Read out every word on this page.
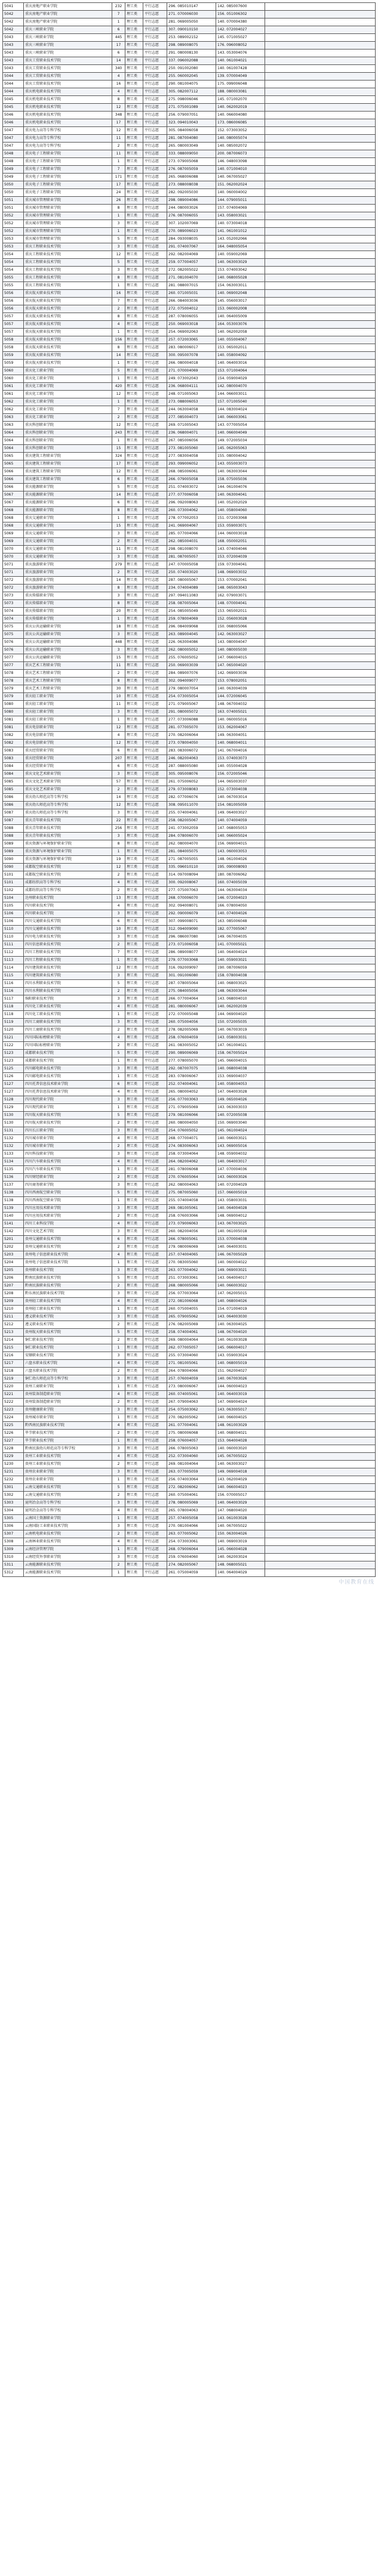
5041	重庆房地产职业学院	232	理工类	平行志愿	296. 085010147	142. 085007600	
5042	重庆房地产职业学院	7	理工类	平行志愿	271. 070006030	156. 051006302	
5042	重庆房地产职业学院	1	理工类	平行志愿	281. 069005050	140. 070004380	
5042	重庆三峡职业学院	6	理工类	平行志愿	307. 090010150	142. 072004027	
5043	重庆三峡职业学院	445	理工类	平行志愿	253. 089002152	145. 071005027	
5043	重庆三峡职业学院	17	理工类	平行志愿	298. 089008075	176. 096008052	
5043	重庆三峡职业学院	6	理工类	平行志愿	291. 080008130	143. 053004076	
5043	重庆工贸职业技术学院	14	理工类	平行志愿	337. 096002088	140. 061004021	
5043	重庆工贸职业技术学院	340	理工类	平行志愿	250. 091002080	140. 061007428	
5044	重庆工贸职业技术学院	4	理工类	平行志愿	255. 060002045	139. 070004049	
5044	重庆工贸职业技术学院	16	理工类	平行志愿	290. 081004075	175. 099006048	
5044	重庆机电职业技术学院	4	理工类	平行志愿	305. 082007112	188. 080003081	
5045	重庆机电职业技术学院	8	理工类	平行志愿	275. 098006046	145. 071002070	
5045	重庆机电职业技术学院	12	理工类	平行志愿	271. 075001089	140. 062002019	
5046	重庆机电职业技术学院	348	理工类	平行志愿	256. 079007051	140. 066004080	
5046	重庆机电职业技术学院	17	理工类	平行志愿	323. 094010043	173. 086006085	
5047	重庆电力高等专科学校	12	理工类	平行志愿	305. 084006058	152. 073003052	
5047	重庆电力高等专科学校	11	理工类	平行志愿	281. 087004080	140. 080005074	
5047	重庆电力高等专科学校	2	理工类	平行志愿	265. 080003049	140. 085002072	
5048	重庆电子工程职业学院	11	理工类	平行志愿	333. 088009050	200. 087006073	
5048	重庆电子工程职业学院	1	理工类	平行志愿	273. 079005068	146. 048003098	
5049	重庆电子工程职业学院	7	理工类	平行志愿	276. 087005059	140. 071004010	
5049	重庆电子工程职业学院	171	理工类	平行志愿	265. 068006088	140. 067005027	
5050	重庆电子工程职业学院	17	理工类	平行志愿	273. 088008038	151. 062002024	
5050	重庆电子工程职业学院	24	理工类	平行志愿	282. 092005030	140. 060004002	
5051	重庆城市管理职业学院	26	理工类	平行志愿	298. 089004086	144. 079005011	
5051	重庆城市管理职业学院	8	理工类	平行志愿	244. 080003026	157. 074004069	
5052	重庆城市管理职业学院	1	理工类	平行志愿	276. 087006055	143. 058003021	
5052	重庆城市管理职业学院	3	理工类	平行志愿	307. 102007069	140. 073004018	
5052	重庆城市管理职业学院	1	理工类	平行志愿	270. 089006023	141. 061001012	
5053	重庆城市管理职业学院	5	理工类	平行志愿	284. 093008035	143. 052002066	
5053	重庆工程职业技术学院	3	理工类	平行志愿	291. 074007067	164. 048005054	
5054	重庆工程职业技术学院	12	理工类	平行志愿	292. 082004069	140. 059002069	
5054	重庆工程职业技术学院	5	理工类	平行志愿	259. 077004057	140. 063003029	
5054	重庆工程职业技术学院	3	理工类	平行志愿	272. 082005022	153. 074003042	
5055	重庆工程职业技术学院	8	理工类	平行志愿	271. 081004070	140. 068005028	
5055	重庆工程职业技术学院	1	理工类	平行志愿	281. 088007015	154. 063003011	
5056	重庆航天职业技术学院	16	理工类	平行志愿	260. 071005031	140. 069002048	
5056	重庆航天职业技术学院	7	理工类	平行志愿	266. 084003036	145. 056003017	
5056	重庆航天职业技术学院	2	理工类	平行志愿	272. 075004012	153. 060002008	
5057	重庆航天职业技术学院	8	理工类	平行志愿	287. 078006055	140. 064005009	
5057	重庆航天职业技术学院	4	理工类	平行志愿	250. 069003018	164. 053003076	
5057	重庆航天职业技术学院	1	理工类	平行志愿	254. 069002063	140. 062002058	
5058	重庆航天职业技术学院	156	理工类	平行志愿	257. 072003065	140. 055004067	
5058	重庆航天职业技术学院	8	理工类	平行志愿	283. 080006017	153. 065002011	
5059	重庆航天职业技术学院	14	理工类	平行志愿	300. 095007078	140. 058004092	
5059	重庆航天职业技术学院	1	理工类	平行志愿	266. 080004018	140. 064003016	
5060	重庆化工职业学院	5	理工类	平行志愿	271. 070004069	153. 071004064	
5060	重庆化工职业学院	1	理工类	平行志愿	249. 073002043	154. 059004029	
5061	重庆化工职业学院	420	理工类	平行志愿	236. 068004111	142. 080004070	
5061	重庆化工职业学院	12	理工类	平行志愿	248. 071005063	144. 066003011	
5062	重庆化工职业学院	1	理工类	平行志愿	273. 088006053	157. 071005040	
5062	重庆化工职业学院	7	理工类	平行志愿	244. 063004058	144. 083004024	
5063	重庆化工职业学院	2	理工类	平行志愿	277. 085004073	140. 066003061	
5063	重庆科创职业学院	12	理工类	平行志愿	269. 071005043	143. 077005054	
5064	重庆科创职业学院	243	理工类	平行志愿	236. 068004071	140. 066004049	
5064	重庆科创职业学院	1	理工类	平行志愿	267. 085006056	149. 072005034	
5064	重庆科创职业学院	15	理工类	平行志愿	273. 081005060	145. 062005063	
5065	重庆建筑工程职业学院	324	理工类	平行志愿	277. 083004058	155. 080004042	
5065	重庆建筑工程职业学院	17	理工类	平行志愿	293. 099006052	143. 055003073	
5066	重庆建筑工程职业学院	12	理工类	平行志愿	268. 085006061	140. 063003044	
5066	重庆建筑工程职业学院	6	理工类	平行志愿	266. 079005058	158. 075005036	
5066	重庆能源职业学院	5	理工类	平行志愿	251. 074003072	144. 061004076	
5067	重庆能源职业学院	14	理工类	平行志愿	277. 077006058	140. 063004041	
5067	重庆能源职业学院	6	理工类	平行志愿	296. 092008063	140. 052002029	
5068	重庆能源职业学院	8	理工类	平行志愿	260. 073004062	140. 058004060	
5068	重庆交通职业学院	1	理工类	平行志愿	278. 077002053	151. 072003068	
5068	重庆交通职业学院	15	理工类	平行志愿	241. 069004067	153. 059003071	
5069	重庆交通职业学院	3	理工类	平行志愿	285. 077004066	144. 060003018	
5069	重庆交通职业学院	2	理工类	平行志愿	262. 085004031	168. 050002051	
5070	重庆交通职业学院	11	理工类	平行志愿	298. 081008070	143. 074004046	
5070	重庆交通职业学院	3	理工类	平行志愿	281. 087005057	153. 072004039	
5071	重庆旅游职业学院	279	理工类	平行志愿	247. 070005058	159. 073004041	
5071	重庆旅游职业学院	2	理工类	平行志愿	250. 074003020	148. 069003032	
5072	重庆旅游职业学院	14	理工类	平行志愿	287. 080005067	153. 070002041	
5072	重庆旅游职业学院	8	理工类	平行志愿	234. 074004089	148. 065003043	
5073	重庆传媒职业学院	3	理工类	平行志愿	297. 094011083	162. 079003071	
5073	重庆传媒职业学院	8	理工类	平行志愿	258. 087005064	148. 070004041	
5074	重庆传媒职业学院	20	理工类	平行志愿	254. 085005049	153. 065002011	
5074	重庆传媒职业学院	1	理工类	平行志愿	259. 078004069	152. 056003028	
5075	重庆公共运输职业学院	18	理工类	平行志愿	296. 084009068	150. 068005066	
5075	重庆公共运输职业学院	3	理工类	平行志愿	263. 089004045	142. 063003027	
5076	重庆公共运输职业学院	448	理工类	平行志愿	226. 063004086	143. 080004047	
5076	重庆公共运输职业学院	3	理工类	平行志愿	262. 080005052	140. 080005030	
5077	重庆公共运输职业学院	15	理工类	平行志愿	255. 076005052	147. 066004015	
5077	重庆艺术工程职业学院	11	理工类	平行志愿	250. 069003039	147. 065004020	
5078	重庆艺术工程职业学院	2	理工类	平行志愿	284. 089007076	142. 069003036	
5078	重庆艺术工程职业学院	8	理工类	平行志愿	302. 094009077	153. 078002051	
5079	重庆艺术工程职业学院	30	理工类	平行志愿	279. 080007054	140. 063004039	
5079	重庆轻工职业学院	10	理工类	平行志愿	254. 073005054	144. 072006045	
5080	重庆轻工职业学院	11	理工类	平行志愿	271. 079005067	148. 067004032	
5080	重庆轻工职业学院	3	理工类	平行志愿	291. 080005072	163. 074005021	
5081	重庆轻工职业学院	1	理工类	平行志愿	277. 073006088	140. 060005016	
5081	重庆电信职业学院	12	理工类	平行志愿	281. 077005070	153. 062004067	
5082	重庆电信职业学院	4	理工类	平行志愿	270. 082006064	149. 063004051	
5082	重庆电信职业学院	12	理工类	平行志愿	273. 078004050	140. 068004011	
5083	重庆经贸职业学院	6	理工类	平行志愿	283. 083006072	141. 067004016	
5083	重庆经贸职业学院	207	理工类	平行志愿	246. 082004063	153. 074003073	
5084	重庆经贸职业学院	6	理工类	平行志愿	287. 088005080	140. 055004028	
5084	重庆文化艺术职业学院	3	理工类	平行志愿	305. 095008076	156. 072005046	
5085	重庆文化艺术职业学院	57	理工类	平行志愿	261. 075006052	144. 065003037	
5085	重庆文化艺术职业学院	2	理工类	平行志愿	279. 073008083	152. 073004038	
5086	重庆幼儿师范高等专科学校	14	理工类	平行志愿	282. 077006076	140. 067003014	
5086	重庆幼儿师范高等专科学校	12	理工类	平行志愿	308. 095011070	154. 081005059	
5087	重庆幼儿师范高等专科学校	3	理工类	平行志愿	255. 074004061	149. 064003027	
5087	重庆青年职业技术学院	22	理工类	平行志愿	258. 082005067	140. 074004059	
5088	重庆青年职业技术学院	256	理工类	平行志愿	241. 073002059	147. 068005053	
5088	重庆青年职业技术学院	3	理工类	平行志愿	284. 078006070	140. 066005024	
5089	重庆资源与环境保护职业学院	8	理工类	平行志愿	262. 080004070	156. 069004015	
5089	重庆资源与环境保护职业学院	1	理工类	平行志愿	281. 084005075	143. 060003053	
5090	重庆资源与环境保护职业学院	19	理工类	平行志愿	271. 087005055	148. 061004026	
5090	成都航空职业技术学院	12	理工类	平行志愿	335. 096010110	195. 090008093	
5101	成都航空职业技术学院	2	理工类	平行志愿	314. 097008094	180. 087006062	
5101	成都纺织高等专科学校	4	理工类	平行志愿	300. 092008067	160. 074005039	
5102	成都纺织高等专科学校	2	理工类	平行志愿	277. 075007063	144. 063004034	
5104	达州职业技术学院	13	理工类	平行志愿	268. 070006070	146. 072004023	
5105	四川职业技术学院	4	理工类	平行志愿	302. 094008071	166. 078004050	
5106	四川职业技术学院	3	理工类	平行志愿	292. 090006079	140. 074004026	
5106	四川交通职业技术学院	6	理工类	平行志愿	307. 099008071	163. 085006048	
5110	四川交通职业技术学院	10	理工类	平行志愿	312. 094009090	182. 077005067	
5110	四川电力职业技术学院	3	理工类	平行志愿	296. 086007080	149. 067004035	
5111	四川信息职业技术学院	2	理工类	平行志愿	273. 071006058	141. 070005021	
5112	四川工程职业技术学院	7	理工类	平行志愿	286. 089008077	140. 064004024	
5113	四川工程职业技术学院	1	理工类	平行志愿	279. 077003068	140. 059003021	
5114	四川建筑职业技术学院	12	理工类	平行志愿	316. 092009097	190. 087006059	
5115	四川建筑职业技术学院	3	理工类	平行志愿	301. 091006080	158. 078004038	
5116	四川水利职业技术学院	5	理工类	平行志愿	287. 078005064	140. 068003025	
5116	四川水利职业技术学院	2	理工类	平行志愿	275. 084005056	148. 063003044	
5117	绵阳职业技术学院	3	理工类	平行志愿	266. 077004064	143. 068004010	
5118	四川化工职业技术学院	4	理工类	平行志愿	281. 080006067	140. 062002039	
5118	四川化工职业技术学院	1	理工类	平行志愿	272. 070005048	144. 069004020	
5119	四川工商职业技术学院	3	理工类	平行志愿	260. 075004056	150. 072005035	
5120	四川工商职业技术学院	2	理工类	平行志愿	278. 082005069	140. 067003019	
5121	四川国际标榜职业学院	4	理工类	平行志愿	258. 076004059	143. 058003031	
5122	四川国际标榜职业学院	2	理工类	平行志愿	261. 083005052	147. 061004021	
5123	成都职业技术学院	5	理工类	平行志愿	290. 089006069	158. 067005024	
5123	成都职业技术学院	1	理工类	平行志愿	277. 078005070	145. 066004015	
5125	四川邮电职业技术学院	3	理工类	平行志愿	292. 087007075	140. 068004038	
5126	四川邮电职业技术学院	1	理工类	平行志愿	283. 078006067	153. 069004037	
5127	四川托普信息技术职业学院	6	理工类	平行志愿	252. 074004061	140. 058004053	
5127	四川托普信息技术职业学院	4	理工类	平行志愿	265. 080004052	147. 064003028	
5128	四川现代职业学院	3	理工类	平行志愿	256. 077003063	149. 065004026	
5129	四川现代职业学院	1	理工类	平行志愿	271. 079005069	143. 063003033	
5130	四川航天职业技术学院	5	理工类	平行志愿	279. 081006066	140. 072005038	
5130	四川航天职业技术学院	2	理工类	平行志愿	260. 080004050	150. 069003040	
5131	四川长江职业学院	3	理工类	平行志愿	254. 076005052	145. 061004024	
5132	四川城市职业学院	4	理工类	平行志愿	268. 077004071	140. 066003021	
5132	四川城市职业学院	2	理工类	平行志愿	274. 083006063	143. 069005016	
5133	四川科技职业学院	3	理工类	平行志愿	258. 073004064	148. 059004032	
5134	四川汽车职业技术学院	4	理工类	平行志愿	264. 082004062	140. 064003017	
5135	四川汽车职业技术学院	1	理工类	平行志愿	281. 078006068	147. 070004036	
5136	四川财经职业学院	2	理工类	平行志愿	270. 076005064	143. 060003026	
5137	四川商务职业学院	3	理工类	平行志愿	262. 080004063	140. 072004029	
5138	四川西南航空职业学院	5	理工类	平行志愿	275. 087005060	157. 066005019	
5138	四川西南航空职业学院	1	理工类	平行志愿	255. 074004058	143. 058003031	
5139	四川应用技术职业学院	3	理工类	平行志愿	269. 081005061	140. 064004028	
5140	四川应用技术职业学院	2	理工类	平行志愿	258. 076003066	148. 069004012	
5141	四川工业科技学院	4	理工类	平行志愿	273. 079006063	143. 067003025	
5142	四川文化艺术学院	3	理工类	平行志愿	260. 082004056	140. 061005018	
5201	贵州交通职业技术学院	6	理工类	平行志愿	266. 078005061	153. 070004038	
5202	贵州交通职业技术学院	2	理工类	平行志愿	279. 080006069	140. 064003031	
5203	贵州电子信息职业技术学院	4	理工类	平行志愿	257. 074004065	146. 067005029	
5204	贵州电子信息职业技术学院	1	理工类	平行志愿	270. 083005060	140. 060004022	
5205	贵州职业技术学院	3	理工类	平行志愿	263. 077004062	149. 069003021	
5206	黔南民族职业技术学院	5	理工类	平行志愿	251. 073003061	143. 064004017	
5207	黔南民族职业技术学院	2	理工类	平行志愿	268. 080005066	140. 066003022	
5208	黔东南民族职业技术学院	3	理工类	平行志愿	256. 077003064	147. 062005015	
5209	贵州轻工职业技术学院	4	理工类	平行志愿	272. 081006068	140. 068004026	
5210	贵州轻工职业技术学院	1	理工类	平行志愿	260. 075004055	154. 071004019	
5211	遵义职业技术学院	3	理工类	平行志愿	265. 079005062	143. 064003030	
5212	遵义职业技术学院	2	理工类	平行志愿	276. 082005069	140. 063004025	
5213	贵州航天职业技术学院	5	理工类	平行志愿	258. 074004061	148. 067004020	
5214	铜仁职业技术学院	2	理工类	平行志愿	269. 080004064	140. 061003028	
5215	铜仁职业技术学院	1	理工类	平行志愿	262. 077005057	145. 066004017	
5216	安顺职业技术学院	3	理工类	平行志愿	255. 073004060	143. 059003024	
5217	六盘水职业技术学院	4	理工类	平行志愿	271. 081005061	140. 068005019	
5218	六盘水职业技术学院	2	理工类	平行志愿	264. 078004066	151. 062004027	
5219	铜仁幼儿师范高等专科学校	3	理工类	平行志愿	257. 076004059	140. 067003026	
5220	贵州工商职业学院	1	理工类	平行志愿	273. 080006067	144. 060004023	
5221	贵州装备制造职业学院	4	理工类	平行志愿	260. 074005061	140. 064003019	
5222	贵州装备制造职业学院	2	理工类	平行志愿	267. 079004063	147. 069004024	
5223	贵州健康职业学院	3	理工类	平行志愿	254. 075003062	143. 063005017	
5224	贵州城市职业学院	1	理工类	平行志愿	270. 082005062	140. 066004025	
5225	黔西南民族职业技术学院	4	理工类	平行志愿	261. 077004061	148. 061003029	
5226	毕节职业技术学院	2	理工类	平行志愿	275. 080006068	140. 068004021	
5227	毕节职业技术学院	1	理工类	平行志愿	258. 076004057	153. 064004028	
5228	黔南民族幼儿师范高等专科学校	3	理工类	平行志愿	266. 078005063	140. 060003020	
5229	贵州工业职业技术学院	4	理工类	平行志愿	252. 073004060	145. 067005022	
5230	贵州工业职业技术学院	2	理工类	平行志愿	269. 081004064	140. 063003027	
5231	贵州农业职业学院	3	理工类	平行志愿	263. 077005059	149. 069004018	
5232	贵州农业职业学院	1	理工类	平行志愿	256. 074003064	143. 062004029	
5301	云南交通职业技术学院	5	理工类	平行志愿	272. 082006062	140. 066004023	
5302	云南交通职业技术学院	2	理工类	平行志愿	260. 075004061	156. 070005017	
5303	昆明冶金高等专科学校	3	理工类	平行志愿	278. 080005069	140. 064003029	
5304	昆明冶金高等专科学校	4	理工类	平行志愿	265. 078004063	147. 068004020	
5305	云南国土资源职业学院	1	理工类	平行志愿	257. 074005058	143. 061003028	
5306	云南国防工业职业技术学院	3	理工类	平行志愿	270. 081004066	140. 067005022	
5307	云南机电职业技术学院	2	理工类	平行志愿	263. 077005062	150. 063004026	
5308	云南林业职业技术学院	4	理工类	平行志愿	254. 073003061	140. 069003019	
5309	云南经济管理学院	1	理工类	平行志愿	268. 079006064	145. 066004028	
5310	云南经贸外事职业学院	3	理工类	平行志愿	259. 076004060	140. 062003024	
5311	云南能源职业技术学院	2	理工类	平行志愿	274. 082005067	148. 068005021	
5312	云南能源职业技术学院	1	理工类	平行志愿	261. 075004059	140. 064004029	
中国教育在线
